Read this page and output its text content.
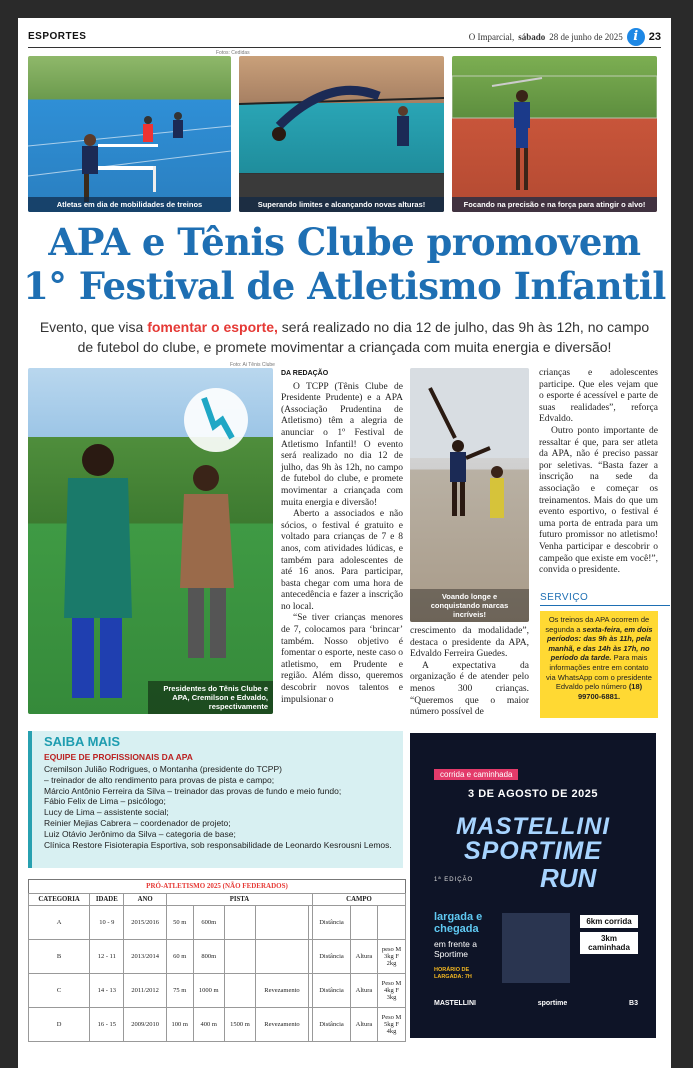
ESPORTES	O Imparcial, sábado 28 de junho de 2025 i 23
Fotos: Cedidas
Atletas em dia de mobilidades de treinos	Superando limites e alcançando novas alturas!	Focando na precisão e na força para atingir o alvo!
APA e Tênis Clube promovem
1° Festival de Atletismo Infantil
Evento, que visa fomentar o esporte, será realizado no dia 12 de julho, das 9h às 12h, no campo de futebol do clube, e promete movimentar a criançada com muita energia e diversão!
Foto: Ai Tênis Clube
Presidentes do Tênis Clube e APA, Cremilson e Edvaldo, respectivamente

DA REDAÇÃO

O TCPP (Tênis Clube de Presidente Prudente) e a APA (Associação Prudentina de Atletismo) têm a alegria de anunciar o 1º Festival de Atletismo Infantil! O evento será realizado no dia 12 de julho, das 9h às 12h, no campo de futebol do clube, e promete movimentar a criançada com muita energia e diversão!

Aberto a associados e não sócios, o festival é gratuito e voltado para crianças de 7 e 8 anos, com atividades lúdicas, e também para adolescentes de até 16 anos. Para participar, basta chegar com uma hora de antecedência e fazer a inscrição no local.

“Se tiver crianças menores de 7, colocamos para ‘brincar’ também. Nosso objetivo é fomentar o esporte, neste caso o atletismo, em Prudente e região. Além disso, queremos descobrir novos talentos e impulsionar o

Voando longe e conquistando marcas incríveis!

crescimento da modalidade”, destaca o presidente da APA, Edvaldo Ferreira Guedes.

A expectativa da organização é de atender pelo menos 300 crianças. “Queremos que o maior número possível de

crianças e adolescentes participe. Que eles vejam que o esporte é acessível e parte de suas realidades”, reforça Edvaldo.

Outro ponto importante de ressaltar é que, para ser atleta da APA, não é preciso passar por seletivas. “Basta fazer a inscrição na sede da associação e começar os treinamentos. Mais do que um evento esportivo, o festival é uma porta de entrada para um futuro promissor no atletismo! Venha participar e descobrir o campeão que existe em você!”, convida o presidente.

SERVIÇO
Os treinos da APA ocorrem de segunda a sexta-feira, em dois períodos: das 9h às 11h, pela manhã, e das 14h às 17h, no período da tarde. Para mais informações entre em contato via WhatsApp com o presidente Edvaldo pelo número (18) 99700-6881.
SAIBA MAIS
EQUIPE DE PROFISSIONAIS DA APA
Cremilson Julião Rodrigues, o Montanha (presidente do TCPP)
– treinador de alto rendimento para provas de pista e campo;
Márcio Antônio Ferreira da Silva – treinador das provas de fundo e meio fundo;
Fábio Felix de Lima – psicólogo;
Lucy de Lima – assistente social;
Reinier Mejias Cabrera – coordenador de projeto;
Luiz Otávio Jerônimo da Silva – categoria de base;
Clínica Restore Fisioterapia Esportiva, sob responsabilidade de Leonardo Kesrousni Lemos.
PRÓ-ATLETISMO 2025 (NÃO FEDERADOS)										
CATEGORIA	IDADE	ANO	PISTA					CAMPO		
A	10 - 9	2015/2016	50 m	600m				Distância		
B	12 - 11	2013/2014	60 m	800m				Distância	Altura	peso M 3kg F 2kg
C	14 - 13	2011/2012	75 m	1000 m		Revezamento		Distância	Altura	Peso M 4kg F 3kg
D	16 - 15	2009/2010	100 m	400 m	1500 m	Revezamento		Distância	Altura	Peso M 5kg F 4kg
corrida e caminhada
3 DE AGOSTO DE 2025
MASTELLINI
SPORTIME
RUN
1ª EDIÇÃO
largada e chegada
em frente a Sportime
HORÁRIO DE LARGADA: 7H
6km corrida
3km caminhada
MASTELLINI	sportime	B3
